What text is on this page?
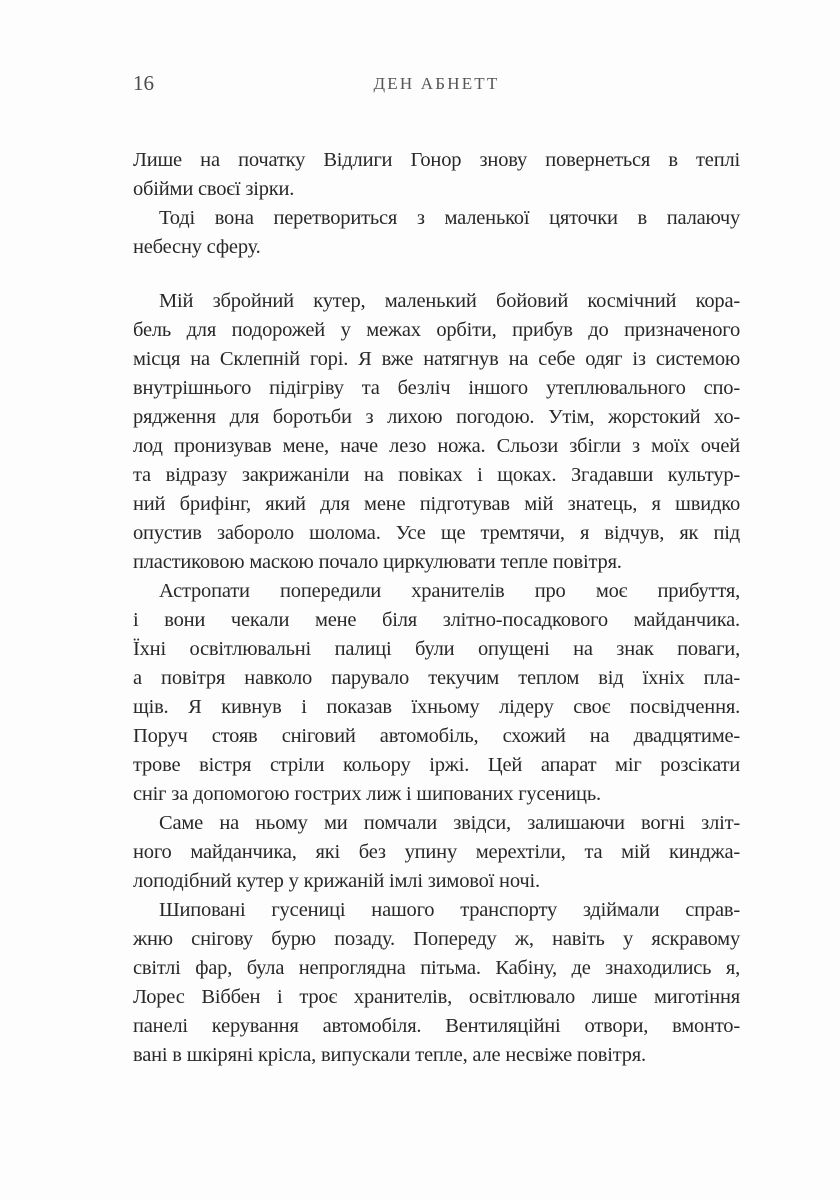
16	ДЕН АБНЕТТ
Лише на початку Відлиги Гонор знову повернеться в теплі
обійми своєї зірки.
Тоді вона перетвориться з маленької цяточки в палаючу
небесну сферу.
Мій збройний кутер, маленький бойовий космічний кора-
бель для подорожей у межах орбіти, прибув до призначеного
місця на Склепній горі. Я вже натягнув на себе одяг із системою
внутрішнього підігріву та безліч іншого утеплювального спо-
рядження для боротьби з лихою погодою. Утім, жорстокий хо-
лод пронизував мене, наче лезо ножа. Сльози збігли з моїх очей
та відразу закрижаніли на повіках і щоках. Згадавши культур-
ний брифінг, який для мене підготував мій знатець, я швидко
опустив забороло шолома. Усе ще тремтячи, я відчув, як під
пластиковою маскою почало циркулювати тепле повітря.
Астропати попередили хранителів про моє прибуття,
і вони чекали мене біля злітно-посадкового майданчика.
Їхні освітлювальні палиці були опущені на знак поваги,
а повітря навколо парувало текучим теплом від їхніх пла-
щів. Я кивнув і показав їхньому лідеру своє посвідчення.
Поруч стояв сніговий автомобіль, схожий на двадцятиме-
трове вістря стріли кольору іржі. Цей апарат міг розсікати
сніг за допомогою гострих лиж і шипованих гусениць.
Саме на ньому ми помчали звідси, залишаючи вогні зліт-
ного майданчика, які без упину мерехтіли, та мій кинджа-
лоподібний кутер у крижаній імлі зимової ночі.
Шиповані гусениці нашого транспорту здіймали справ-
жню снігову бурю позаду. Попереду ж, навіть у яскравому
світлі фар, була непроглядна пітьма. Кабіну, де знаходились я,
Лорес Віббен і троє хранителів, освітлювало лише миготіння
панелі керування автомобіля. Вентиляційні отвори, вмонто-
вані в шкіряні крісла, випускали тепле, але несвіже повітря.
